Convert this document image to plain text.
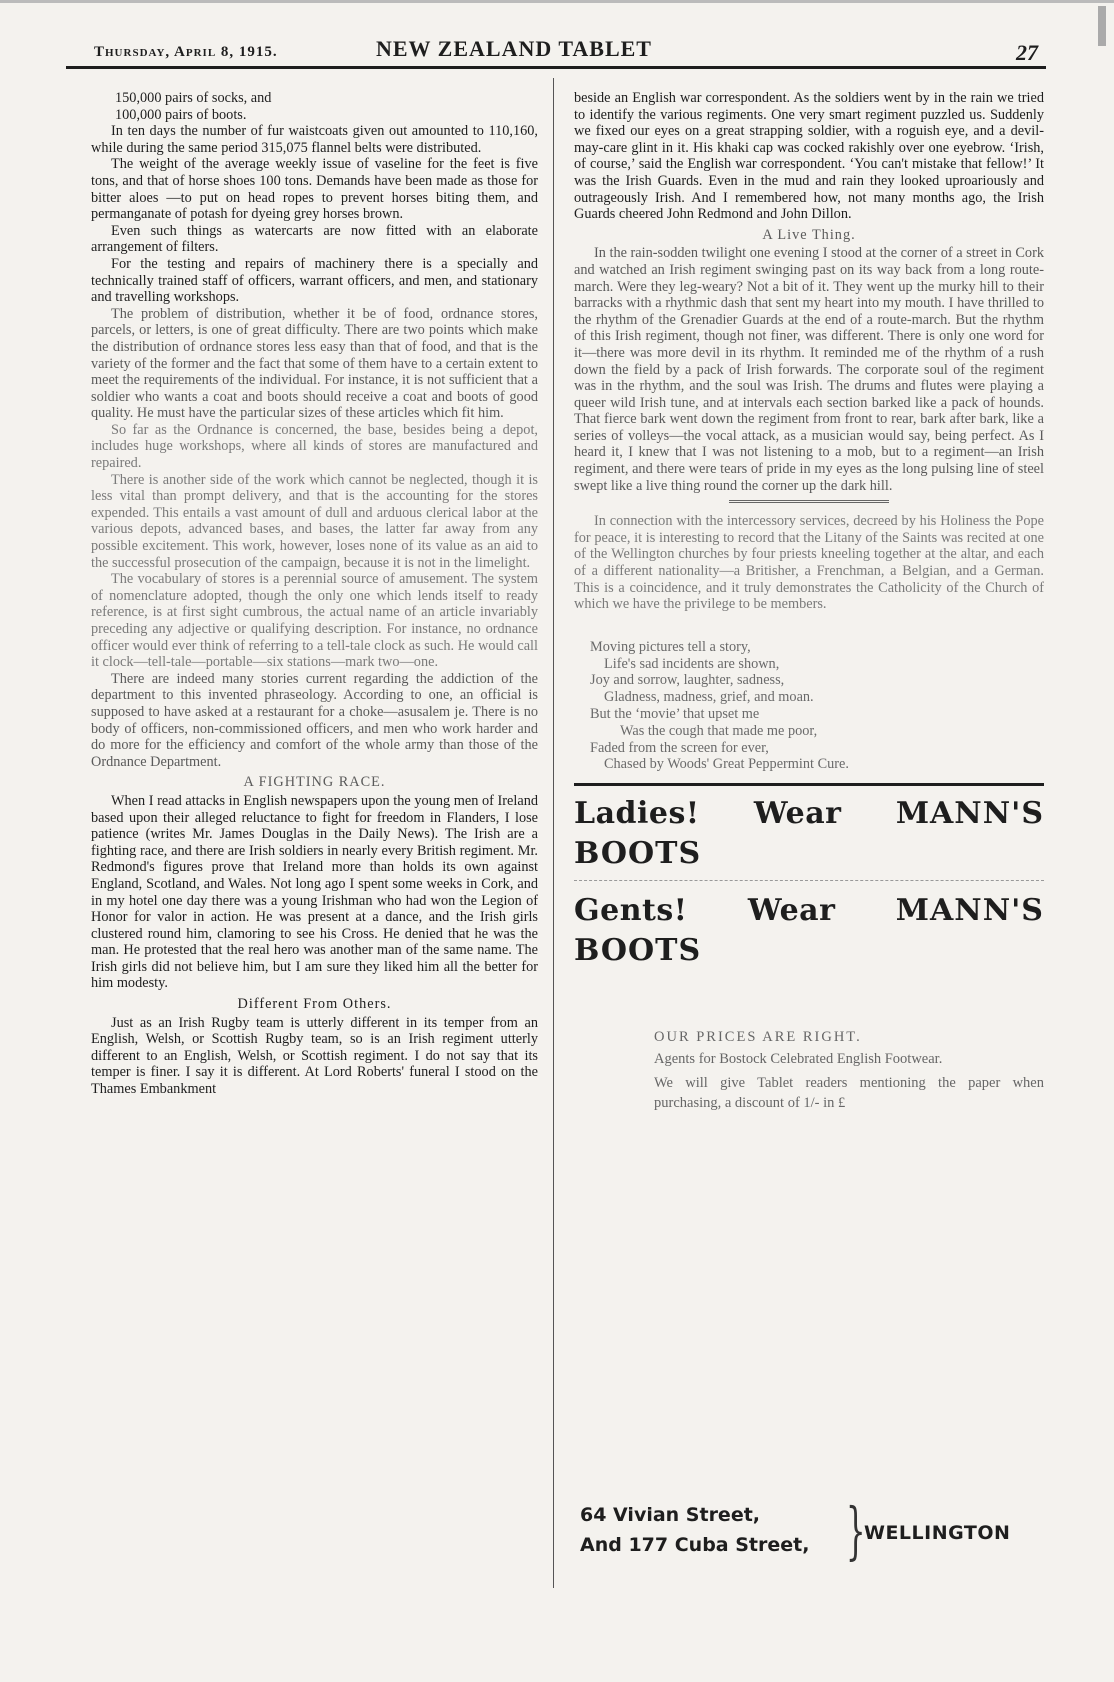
Thursday, April 8, 1915.	NEW ZEALAND TABLET	27

150,000 pairs of socks, and

100,000 pairs of boots.

In ten days the number of fur waistcoats given out amounted to 110,160, while during the same period 315,075 flannel belts were distributed.

The weight of the average weekly issue of vaseline for the feet is five tons, and that of horse shoes 100 tons. Demands have been made as those for bitter aloes —to put on head ropes to prevent horses biting them, and permanganate of potash for dyeing grey horses brown.

Even such things as watercarts are now fitted with an elaborate arrangement of filters.

For the testing and repairs of machinery there is a specially and technically trained staff of officers, warrant officers, and men, and stationary and travelling workshops.

The problem of distribution, whether it be of food, ordnance stores, parcels, or letters, is one of great difficulty. There are two points which make the distribution of ordnance stores less easy than that of food, and that is the variety of the former and the fact that some of them have to a certain extent to meet the requirements of the individual. For instance, it is not sufficient that a soldier who wants a coat and boots should receive a coat and boots of good quality. He must have the particular sizes of these articles which fit him.

So far as the Ordnance is concerned, the base, besides being a depot, includes huge workshops, where all kinds of stores are manufactured and repaired.

There is another side of the work which cannot be neglected, though it is less vital than prompt delivery, and that is the accounting for the stores expended. This entails a vast amount of dull and arduous clerical labor at the various depots, advanced bases, and bases, the latter far away from any possible excitement. This work, however, loses none of its value as an aid to the successful prosecution of the campaign, because it is not in the limelight.

The vocabulary of stores is a perennial source of amusement. The system of nomenclature adopted, though the only one which lends itself to ready reference, is at first sight cumbrous, the actual name of an article invariably preceding any adjective or qualifying description. For instance, no ordnance officer would ever think of referring to a tell-tale clock as such. He would call it clock—tell-tale—portable—six stations—mark two—one.

There are indeed many stories current regarding the addiction of the department to this invented phraseology. According to one, an official is supposed to have asked at a restaurant for a choke—asusalem je. There is no body of officers, non-commissioned officers, and men who work harder and do more for the efficiency and comfort of the whole army than those of the Ordnance Department.

A FIGHTING RACE.

When I read attacks in English newspapers upon the young men of Ireland based upon their alleged reluctance to fight for freedom in Flanders, I lose patience (writes Mr. James Douglas in the Daily News). The Irish are a fighting race, and there are Irish soldiers in nearly every British regiment. Mr. Redmond's figures prove that Ireland more than holds its own against England, Scotland, and Wales. Not long ago I spent some weeks in Cork, and in my hotel one day there was a young Irishman who had won the Legion of Honor for valor in action. He was present at a dance, and the Irish girls clustered round him, clamoring to see his Cross. He denied that he was the man. He protested that the real hero was another man of the same name. The Irish girls did not believe him, but I am sure they liked him all the better for him modesty.

Different From Others.

Just as an Irish Rugby team is utterly different in its temper from an English, Welsh, or Scottish Rugby team, so is an Irish regiment utterly different to an English, Welsh, or Scottish regiment. I do not say that its temper is finer. I say it is different. At Lord Roberts' funeral I stood on the Thames Embankment

beside an English war correspondent. As the soldiers went by in the rain we tried to identify the various regiments. One very smart regiment puzzled us. Suddenly we fixed our eyes on a great strapping soldier, with a roguish eye, and a devil-may-care glint in it. His khaki cap was cocked rakishly over one eyebrow. ‘Irish, of course,’ said the English war correspondent. ‘You can't mistake that fellow!’ It was the Irish Guards. Even in the mud and rain they looked uproariously and outrageously Irish. And I remembered how, not many months ago, the Irish Guards cheered John Redmond and John Dillon.

A Live Thing.

In the rain-sodden twilight one evening I stood at the corner of a street in Cork and watched an Irish regiment swinging past on its way back from a long route-march. Were they leg-weary? Not a bit of it. They went up the murky hill to their barracks with a rhythmic dash that sent my heart into my mouth. I have thrilled to the rhythm of the Grenadier Guards at the end of a route-march. But the rhythm of this Irish regiment, though not finer, was different. There is only one word for it—there was more devil in its rhythm. It reminded me of the rhythm of a rush down the field by a pack of Irish forwards. The corporate soul of the regiment was in the rhythm, and the soul was Irish. The drums and flutes were playing a queer wild Irish tune, and at intervals each section barked like a pack of hounds. That fierce bark went down the regiment from front to rear, bark after bark, like a series of volleys—the vocal attack, as a musician would say, being perfect. As I heard it, I knew that I was not listening to a mob, but to a regiment—an Irish regiment, and there were tears of pride in my eyes as the long pulsing line of steel swept like a live thing round the corner up the dark hill.

In connection with the intercessory services, decreed by his Holiness the Pope for peace, it is interesting to record that the Litany of the Saints was recited at one of the Wellington churches by four priests kneeling together at the altar, and each of a different nationality—a Britisher, a Frenchman, a Belgian, and a German. This is a coincidence, and it truly demonstrates the Catholicity of the Church of which we have the privilege to be members.

Moving pictures tell a story,
Life's sad incidents are shown,
Joy and sorrow, laughter, sadness,
Gladness, madness, grief, and moan.
But the ‘movie’ that upset me
Was the cough that made me poor,
Faded from the screen for ever,
Chased by Woods' Great Peppermint Cure.
Ladies! Wear MANN'S BOOTS
Gents! Wear MANN'S BOOTS
OUR PRICES ARE RIGHT.
Agents for Bostock Celebrated English Footwear.
We will give Tablet readers mentioning the paper when purchasing, a discount of 1/- in £
64 Vivian Street,
And 177 Cuba Street, }
WELLINGTON
